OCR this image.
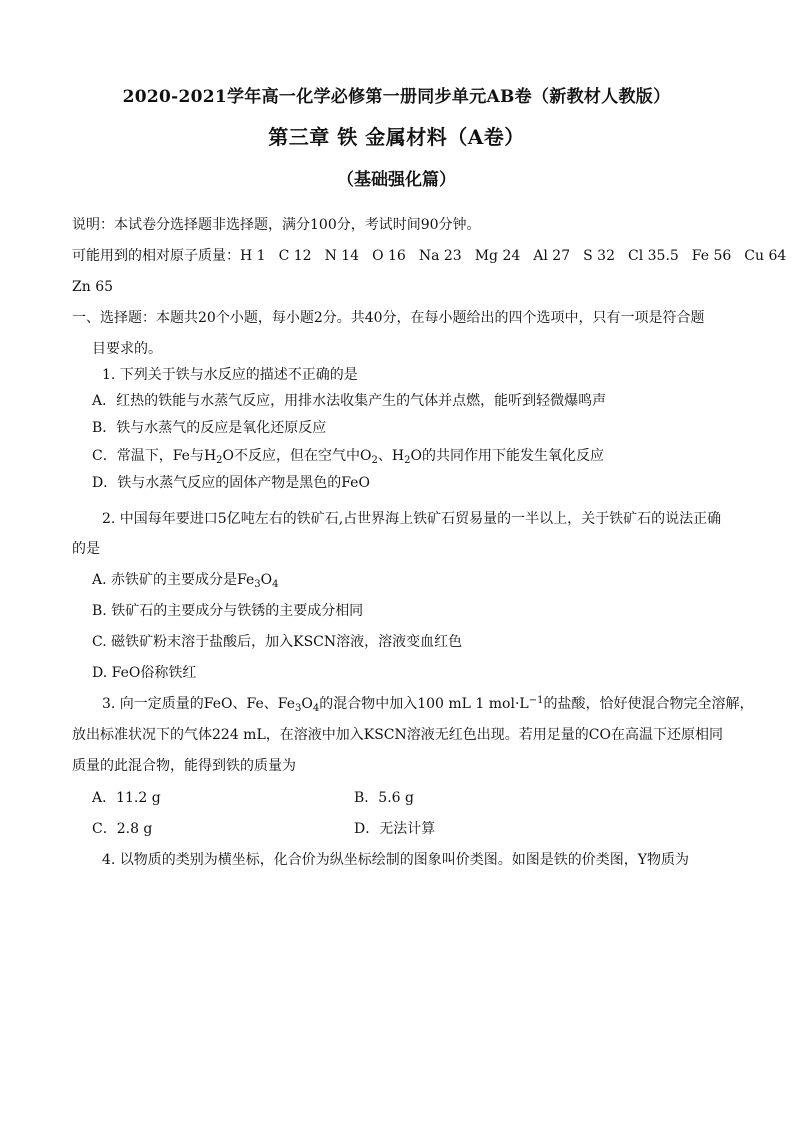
2020-2021学年高一化学必修第一册同步单元AB卷（新教材人教版）
第三章 铁 金属材料（A卷）
（基础强化篇）
说明：本试卷分选择题非选择题，满分100分，考试时间90分钟。
可能用到的相对原子质量：H 1 C 12 N 14 O 16 Na 23 Mg 24 Al 27 S 32 Cl 35.5 Fe 56 Cu 64
Zn 65
一、选择题：本题共20个小题，每小题2分。共40分，在每小题给出的四个选项中，只有一项是符合题
目要求的。
1. 下列关于铁与水反应的描述不正确的是
A．红热的铁能与水蒸气反应，用排水法收集产生的气体并点燃，能听到轻微爆鸣声
B．铁与水蒸气的反应是氧化还原反应
C．常温下，Fe与$H_2O$不反应，但在空气中$O_2$、$H_2O$的共同作用下能发生氧化反应
D．铁与水蒸气反应的固体产物是黑色的FeO
2. 中国每年要进口5亿吨左右的铁矿石,占世界海上铁矿石贸易量的一半以上，关于铁矿石的说法正确
的是
A. 赤铁矿的主要成分是$Fe_3O_4$
B. 铁矿石的主要成分与铁锈的主要成分相同
C. 磁铁矿粉末溶于盐酸后，加入KSCN溶液，溶液变血红色
D. FeO俗称铁红
3. 向一定质量的FeO、Fe、$Fe_3O_4$的混合物中加入100 mL 1 $mol\cdot L^{-1}$的盐酸，恰好使混合物完全溶解，
放出标准状况下的气体224 mL，在溶液中加入KSCN溶液无红色出现。若用足量的CO在高温下还原相同
质量的此混合物，能得到铁的质量为
A．11.2 g	B．5.6 g
C．2.8 g	D．无法计算
4. 以物质的类别为横坐标，化合价为纵坐标绘制的图象叫价类图。如图是铁的价类图，Y物质为
